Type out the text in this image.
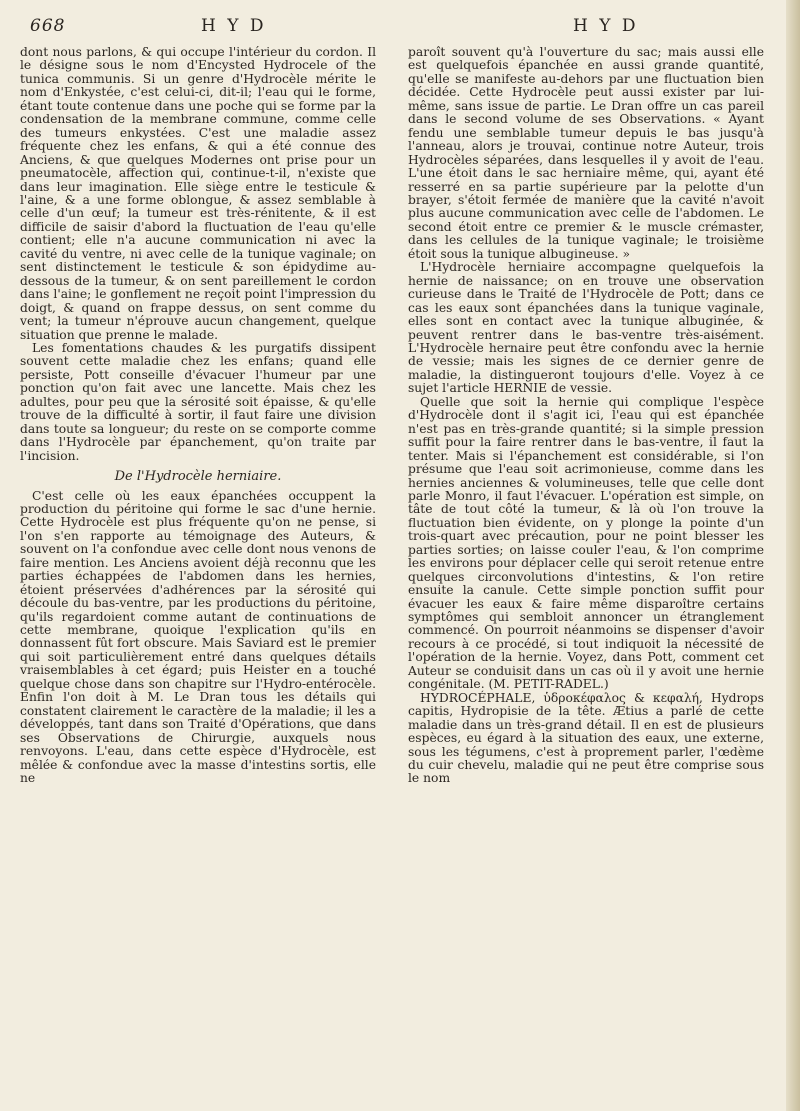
668	H Y D	H Y D

dont nous parlons, & qui occupe l'intérieur du cordon. Il le désigne sous le nom d'Encysted Hydrocele of the tunica communis. Si un genre d'Hydrocèle mérite le nom d'Enkystée, c'est celui-ci, dit-il; l'eau qui le forme, étant toute contenue dans une poche qui se forme par la condensation de la membrane commune, comme celle des tumeurs enkystées. C'est une maladie assez fréquente chez les enfans, & qui a été connue des Anciens, & que quelques Modernes ont prise pour un pneumatocèle, affection qui, continue-t-il, n'existe que dans leur imagination. Elle siège entre le testicule & l'aine, & a une forme oblongue, & assez semblable à celle d'un œuf; la tumeur est très-rénitente, & il est difficile de saisir d'abord la fluctuation de l'eau qu'elle contient; elle n'a aucune communication ni avec la cavité du ventre, ni avec celle de la tunique vaginale; on sent distinctement le testicule & son épidydime au-dessous de la tumeur, & on sent pareillement le cordon dans l'aine; le gonflement ne reçoit point l'impression du doigt, & quand on frappe dessus, on sent comme du vent; la tumeur n'éprouve aucun changement, quelque situation que prenne le malade.

Les fomentations chaudes & les purgatifs dissipent souvent cette maladie chez les enfans; quand elle persiste, Pott conseille d'évacuer l'humeur par une ponction qu'on fait avec une lancette. Mais chez les adultes, pour peu que la sérosité soit épaisse, & qu'elle trouve de la difficulté à sortir, il faut faire une division dans toute sa longueur; du reste on se comporte comme dans l'Hydrocèle par épanchement, qu'on traite par l'incision.

De l'Hydrocèle herniaire.

C'est celle où les eaux épanchées occuppent la production du péritoine qui forme le sac d'une hernie. Cette Hydrocèle est plus fréquente qu'on ne pense, si l'on s'en rapporte au témoignage des Auteurs, & souvent on l'a confondue avec celle dont nous venons de faire mention. Les Anciens avoient déjà reconnu que les parties échappées de l'abdomen dans les hernies, étoient préservées d'adhérences par la sérosité qui découle du bas-ventre, par les productions du péritoine, qu'ils regardoient comme autant de continuations de cette membrane, quoique l'explication qu'ils en donnassent fût fort obscure. Mais Saviard est le premier qui soit particulièrement entré dans quelques détails vraisemblables à cet égard; puis Heister en a touché quelque chose dans son chapitre sur l'Hydro-entérocèle. Enfin l'on doit à M. Le Dran tous les détails qui constatent clairement le caractère de la maladie; il les a développés, tant dans son Traité d'Opérations, que dans ses Observations de Chirurgie, auxquels nous renvoyons. L'eau, dans cette espèce d'Hydrocèle, est mêlée & confondue avec la masse d'intestins sortis, elle ne

paroît souvent qu'à l'ouverture du sac; mais aussi elle est quelquefois épanchée en aussi grande quantité, qu'elle se manifeste au-dehors par une fluctuation bien décidée. Cette Hydrocèle peut aussi exister par lui-même, sans issue de partie. Le Dran offre un cas pareil dans le second volume de ses Observations. « Ayant fendu une semblable tumeur depuis le bas jusqu'à l'anneau, alors je trouvai, continue notre Auteur, trois Hydrocèles séparées, dans lesquelles il y avoit de l'eau. L'une étoit dans le sac herniaire même, qui, ayant été resserré en sa partie supérieure par la pelotte d'un brayer, s'étoit fermée de manière que la cavité n'avoit plus aucune communication avec celle de l'abdomen. Le second étoit entre ce premier & le muscle crémaster, dans les cellules de la tunique vaginale; le troisième étoit sous la tunique albugineuse. »

L'Hydrocèle herniaire accompagne quelquefois la hernie de naissance; on en trouve une observation curieuse dans le Traité de l'Hydrocèle de Pott; dans ce cas les eaux sont épanchées dans la tunique vaginale, elles sont en contact avec la tunique albuginée, & peuvent rentrer dans le bas-ventre très-aisément. L'Hydrocèle hernaire peut être confondu avec la hernie de vessie; mais les signes de ce dernier genre de maladie, la distingueront toujours d'elle. Voyez à ce sujet l'article HERNIE de vessie.

Quelle que soit la hernie qui complique l'espèce d'Hydrocèle dont il s'agit ici, l'eau qui est épanchée n'est pas en très-grande quantité; si la simple pression suffit pour la faire rentrer dans le bas-ventre, il faut la tenter. Mais si l'épanchement est considérable, si l'on présume que l'eau soit acrimonieuse, comme dans les hernies anciennes & volumineuses, telle que celle dont parle Monro, il faut l'évacuer. L'opération est simple, on tâte de tout côté la tumeur, & là où l'on trouve la fluctuation bien évidente, on y plonge la pointe d'un trois-quart avec précaution, pour ne point blesser les parties sorties; on laisse couler l'eau, & l'on comprime les environs pour déplacer celle qui seroit retenue entre quelques circonvolutions d'intestins, & l'on retire ensuite la canule. Cette simple ponction suffit pour évacuer les eaux & faire même disparoître certains symptômes qui sembloit annoncer un étranglement commencé. On pourroit néanmoins se dispenser d'avoir recours à ce procédé, si tout indiquoit la nécessité de l'opération de la hernie. Voyez, dans Pott, comment cet Auteur se conduisit dans un cas où il y avoit une hernie congénitale. (M. PETIT-RADEL.)

HYDROCÉPHALE, ὑδροκέφαλος & κεφαλή, Hydrops capitis, Hydropisie de la tête. Ætius a parlé de cette maladie dans un très-grand détail. Il en est de plusieurs espèces, eu égard à la situation des eaux, une externe, sous les tégumens, c'est à proprement parler, l'œdème du cuir chevelu, maladie qui ne peut être comprise sous le nom
